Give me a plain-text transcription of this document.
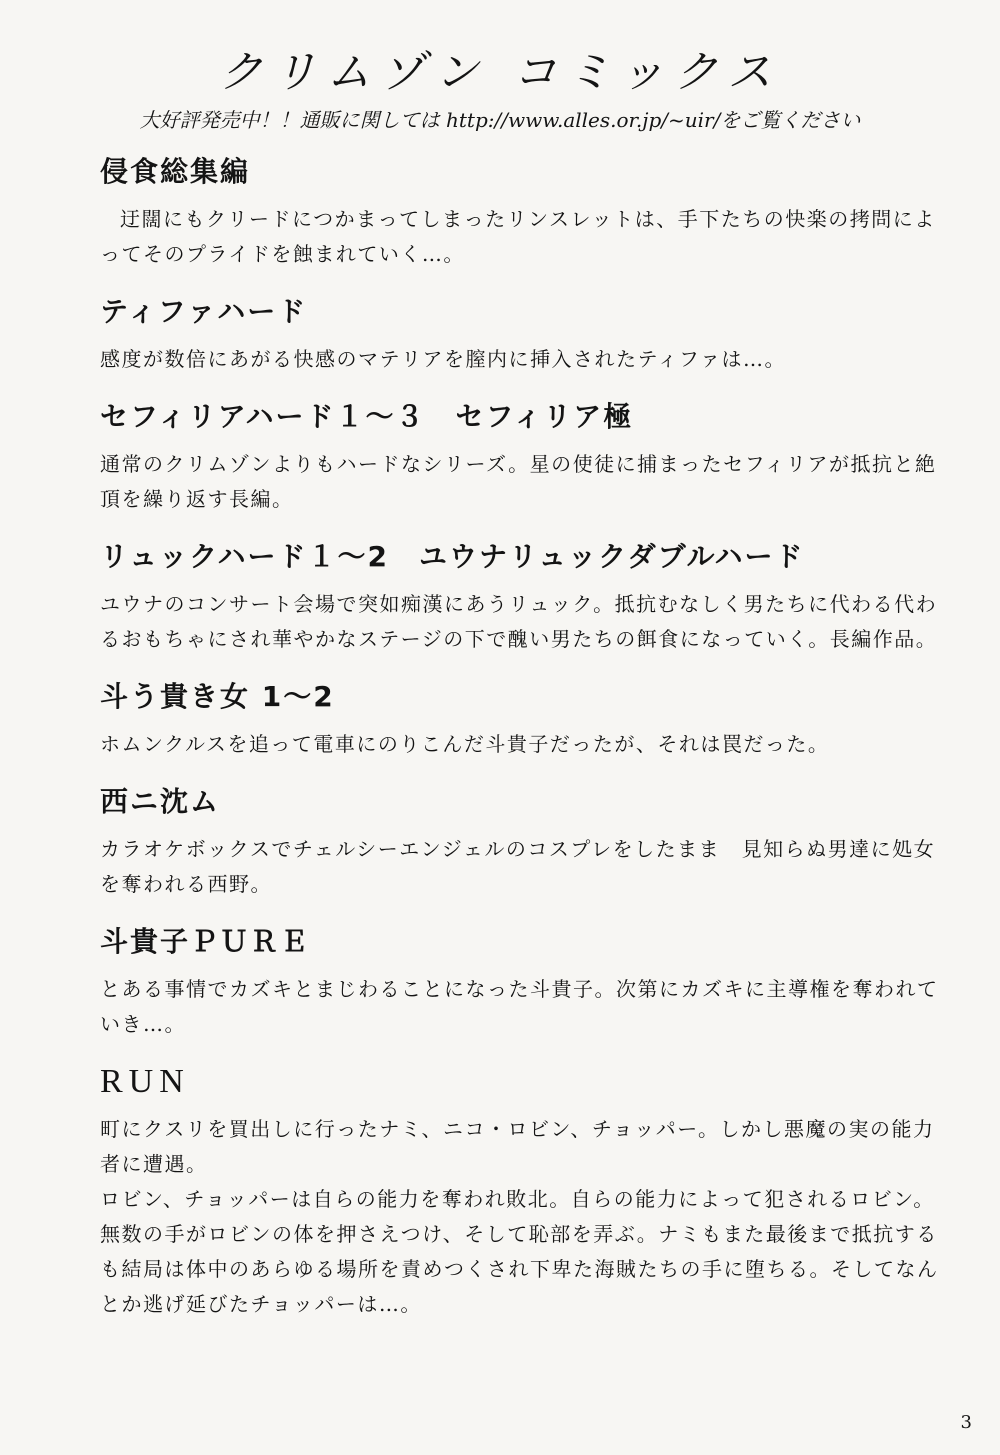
クリムゾン コミックス

大好評発売中！！通販に関しては http://www.alles.or.jp/~uir/をご覧ください

侵食総集編

迂闊にもクリードにつかまってしまったリンスレットは、手下たちの快楽の拷問によってそのプライドを蝕まれていく…。

ティファハード

感度が数倍にあがる快感のマテリアを膣内に挿入されたティファは…。

セフィリアハード１～３　セフィリア極

通常のクリムゾンよりもハードなシリーズ。星の使徒に捕まったセフィリアが抵抗と絶頂を繰り返す長編。

リュックハード１～2　ユウナリュックダブルハード

ユウナのコンサート会場で突如痴漢にあうリュック。抵抗むなしく男たちに代わる代わるおもちゃにされ華やかなステージの下で醜い男たちの餌食になっていく。長編作品。

斗う貴き女 1～2

ホムンクルスを追って電車にのりこんだ斗貴子だったが、それは罠だった。

西ニ沈ム

カラオケボックスでチェルシーエンジェルのコスプレをしたまま　見知らぬ男達に処女を奪われる西野。

斗貴子ＰＵＲＥ

とある事情でカズキとまじわることになった斗貴子。次第にカズキに主導権を奪われていき…。

RUN

町にクスリを買出しに行ったナミ、ニコ・ロビン、チョッパー。しかし悪魔の実の能力者に遭遇。

ロビン、チョッパーは自らの能力を奪われ敗北。自らの能力によって犯されるロビン。無数の手がロビンの体を押さえつけ、そして恥部を弄ぶ。ナミもまた最後まで抵抗するも結局は体中のあらゆる場所を責めつくされ下卑た海賊たちの手に堕ちる。そしてなんとか逃げ延びたチョッパーは…。

3
